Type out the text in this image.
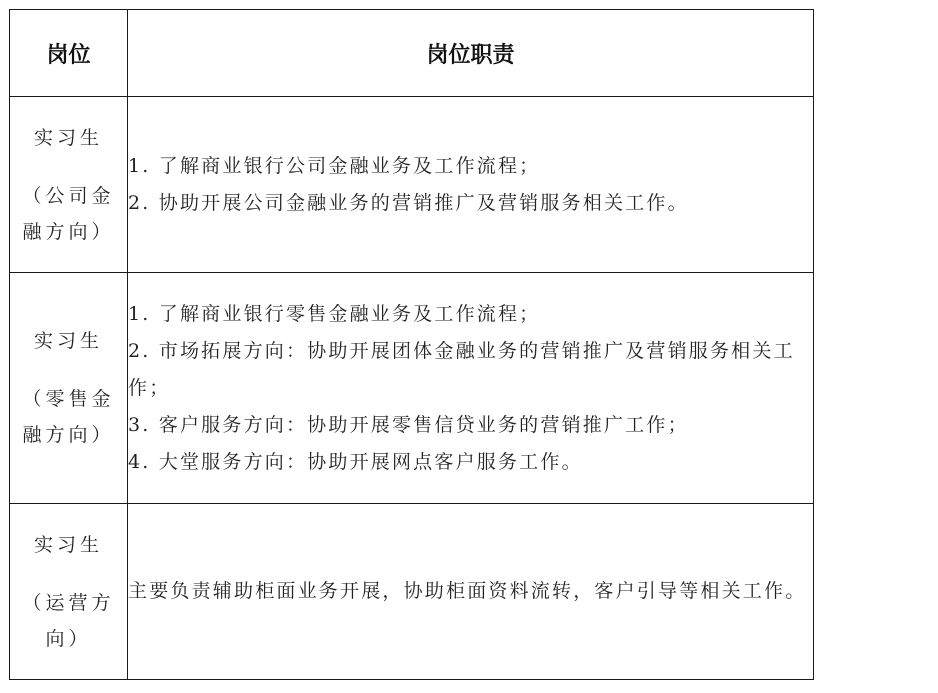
岗位	岗位职责

实习生
（公司金
融方向）	1. 了解商业银行公司金融业务及工作流程；
2. 协助开展公司金融业务的营销推广及营销服务相关工作。

实习生
（零售金
融方向）	1. 了解商业银行零售金融业务及工作流程；
2. 市场拓展方向：协助开展团体金融业务的营销推广及营销服务相关工作；
3. 客户服务方向：协助开展零售信贷业务的营销推广工作；
4. 大堂服务方向：协助开展网点客户服务工作。

实习生
（运营方
向）	主要负责辅助柜面业务开展，协助柜面资料流转，客户引导等相关工作。
